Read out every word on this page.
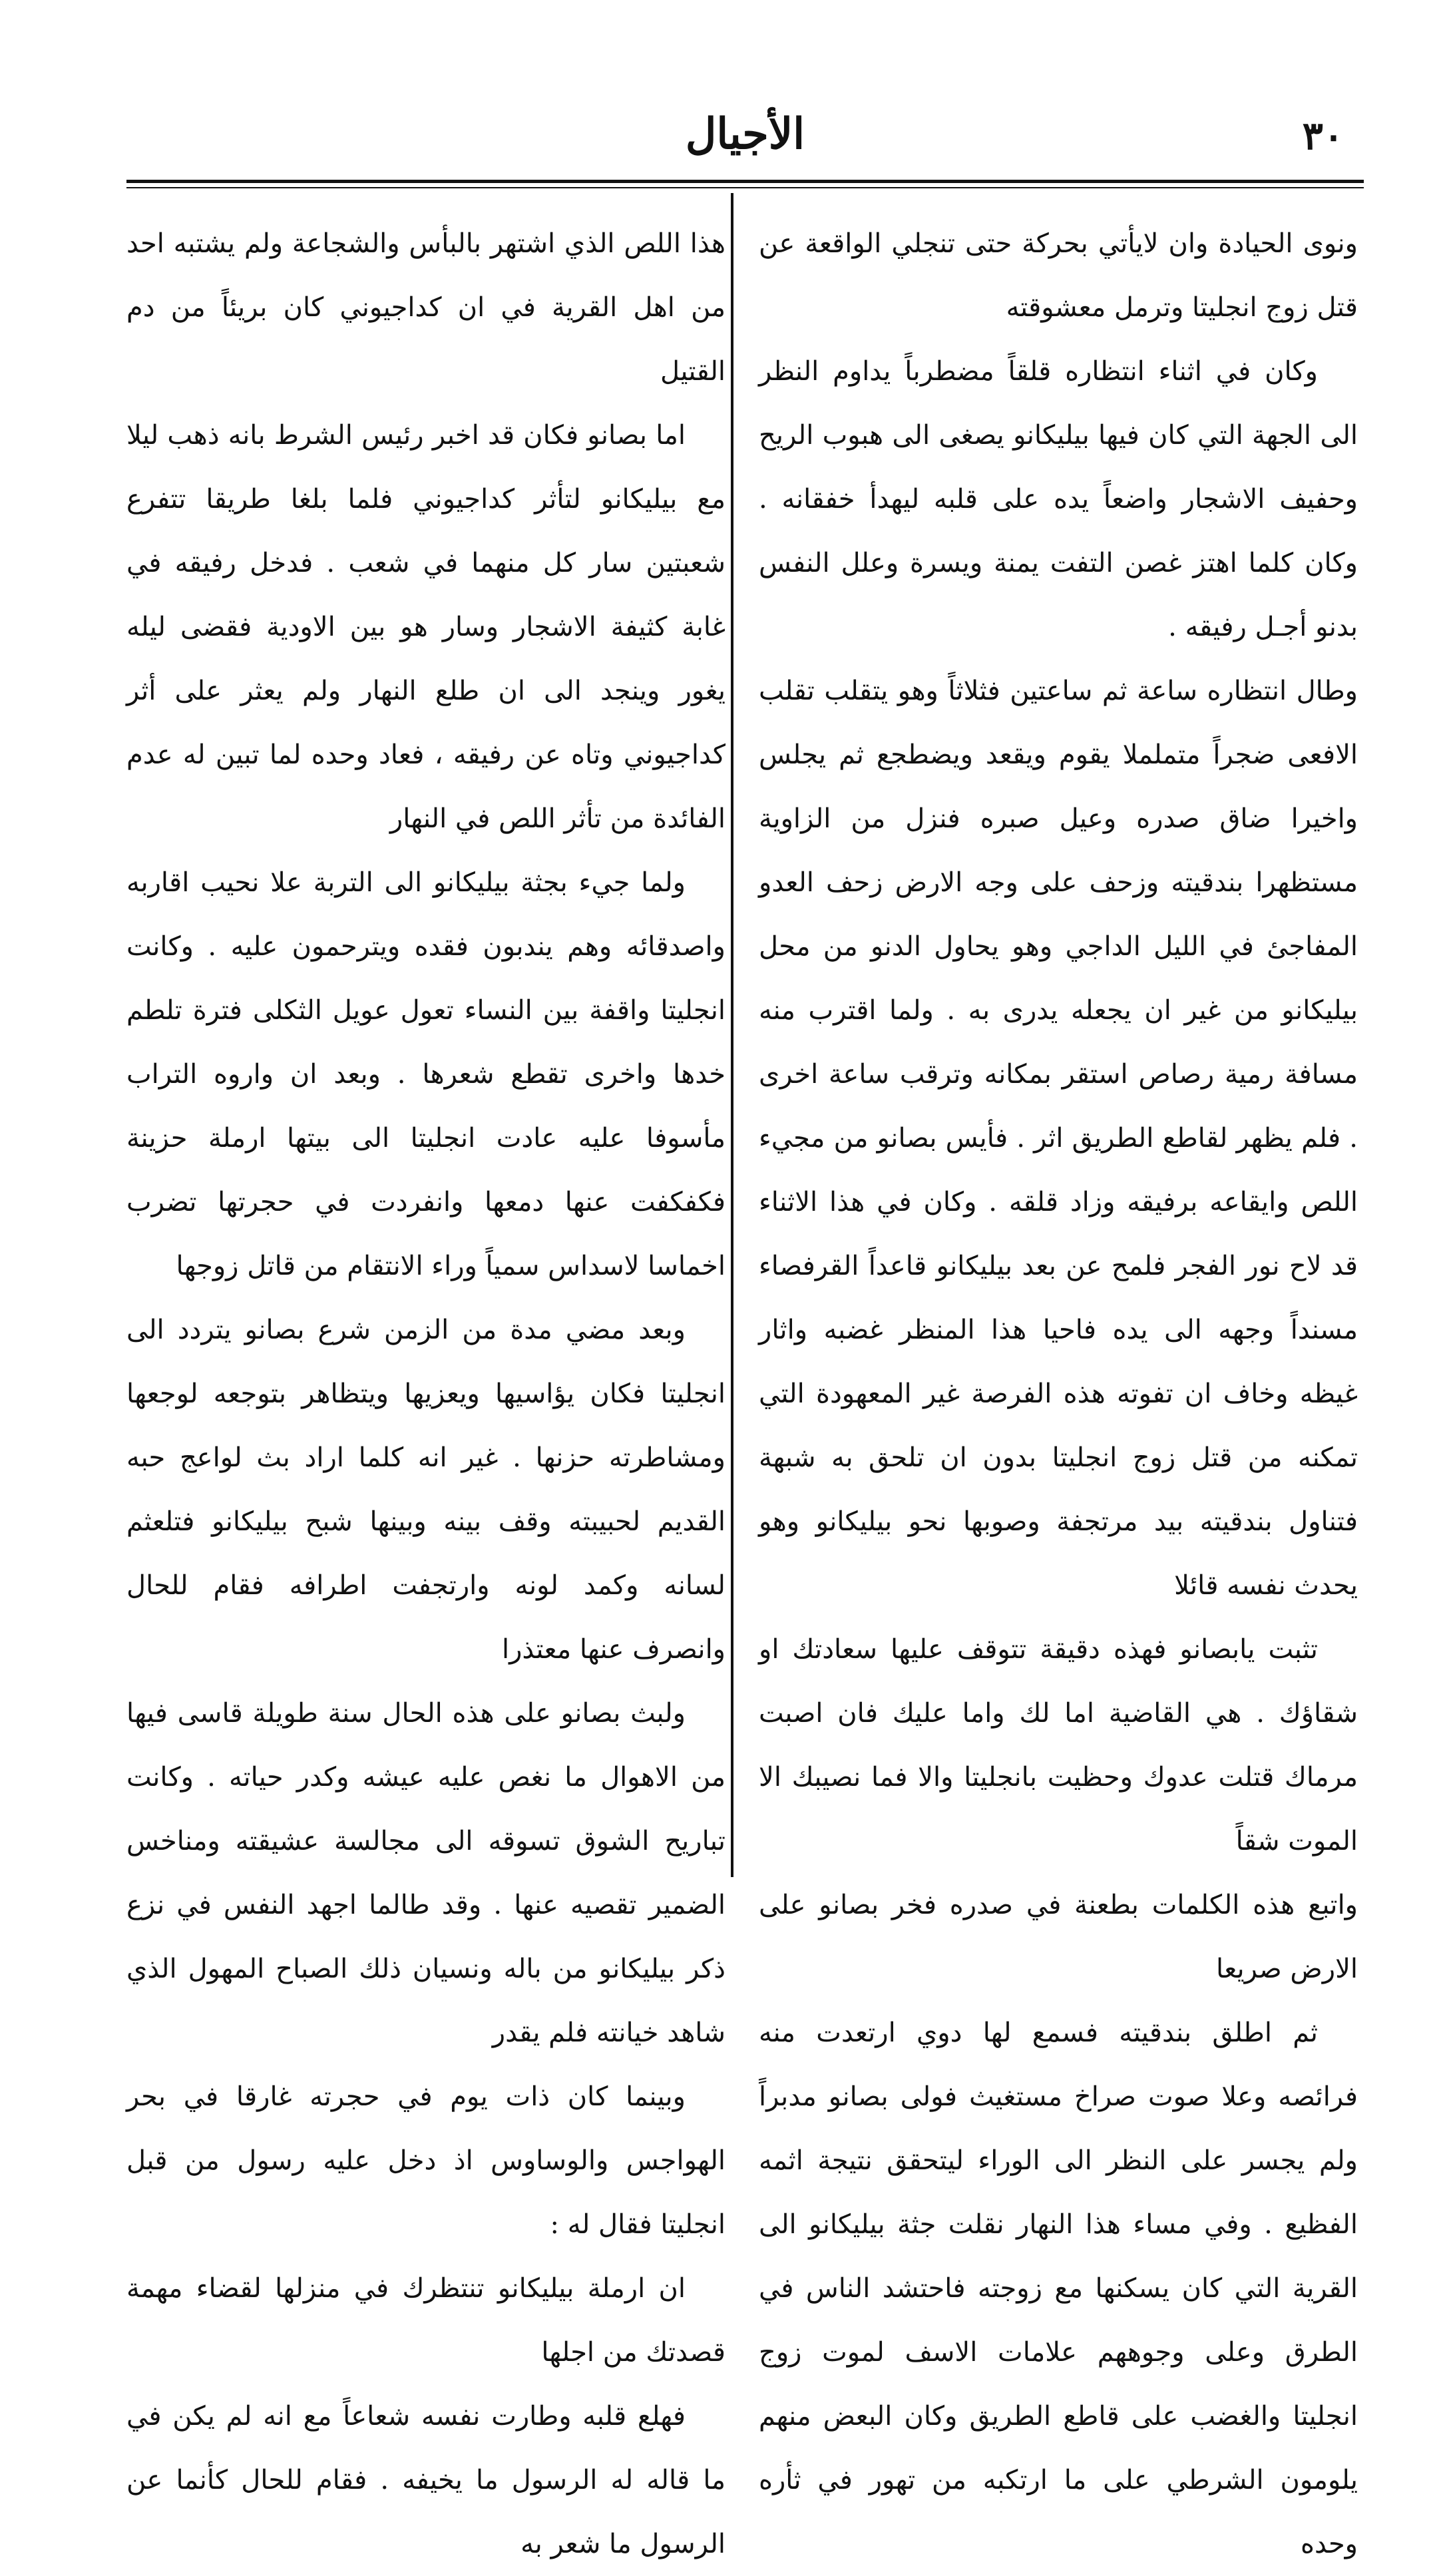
٣٠
الأجيال

ونوى الحيادة وان لايأتي بحركة حتى تنجلي الواقعة عن قتل زوج انجليتا وترمل معشوقته

وكان في اثناء انتظاره قلقاً مضطرباً يداوم النظر الى الجهة التي كان فيها بيليكانو يصغى الى هبوب الريح وحفيف الاشجار واضعاً يده على قلبه ليهدأ خفقانه . وكان كلما اهتز غصن التفت يمنة ويسرة وعلل النفس بدنو أجـل رفيقه .

وطال انتظاره ساعة ثم ساعتين فثلاثاً وهو يتقلب تقلب الافعى ضجراً متململا يقوم ويقعد ويضطجع ثم يجلس واخيرا ضاق صدره وعيل صبره فنزل من الزاوية مستظهرا بندقيته وزحف على وجه الارض زحف العدو المفاجئ في الليل الداجي وهو يحاول الدنو من محل بيليكانو من غير ان يجعله يدرى به . ولما اقترب منه مسافة رمية رصاص استقر بمكانه وترقب ساعة اخرى . فلم يظهر لقاطع الطريق اثر . فأيس بصانو من مجيء اللص وايقاعه برفيقه وزاد قلقه . وكان في هذا الاثناء قد لاح نور الفجر فلمح عن بعد بيليكانو قاعداً القرفصاء مسنداً وجهه الى يده فاحيا هذا المنظر غضبه واثار غيظه وخاف ان تفوته هذه الفرصة غير المعهودة التي تمكنه من قتل زوج انجليتا بدون ان تلحق به شبهة فتناول بندقيته بيد مرتجفة وصوبها نحو بيليكانو وهو يحدث نفسه قائلا

تثبت يابصانو فهذه دقيقة تتوقف عليها سعادتك او شقاؤك . هي القاضية اما لك واما عليك فان اصبت مرماك قتلت عدوك وحظيت بانجليتا والا فما نصيبك الا الموت شقاً

واتبع هذه الكلمات بطعنة في صدره فخر بصانو على الارض صريعا

ثم اطلق بندقيته فسمع لها دوي ارتعدت منه فرائصه وعلا صوت صراخ مستغيث فولى بصانو مدبراً ولم يجسر على النظر الى الوراء ليتحقق نتيجة اثمه الفظيع . وفي مساء هذا النهار نقلت جثة بيليكانو الى القرية التي كان يسكنها مع زوجته فاحتشد الناس في الطرق وعلى وجوههم علامات الاسف لموت زوج انجليتا والغضب على قاطع الطريق وكان البعض منهم يلومون الشرطي على ما ارتكبه من تهور في ثأره وحده

هذا اللص الذي اشتهر بالبأس والشجاعة ولم يشتبه احد من اهل القرية في ان كداجيوني كان بريئاً من دم القتيل

اما بصانو فكان قد اخبر رئيس الشرط بانه ذهب ليلا مع بيليكانو لتأثر كداجيوني فلما بلغا طريقا تتفرع شعبتين سار كل منهما في شعب . فدخل رفيقه في غابة كثيفة الاشجار وسار هو بين الاودية فقضى ليله يغور وينجد الى ان طلع النهار ولم يعثر على أثر كداجيوني وتاه عن رفيقه ، فعاد وحده لما تبين له عدم الفائدة من تأثر اللص في النهار

ولما جيء بجثة بيليكانو الى التربة علا نحيب اقاربه واصدقائه وهم يندبون فقده ويترحمون عليه . وكانت انجليتا واقفة بين النساء تعول عويل الثكلى فترة تلطم خدها واخرى تقطع شعرها . وبعد ان واروه التراب مأسوفا عليه عادت انجليتا الى بيتها ارملة حزينة فكفكفت عنها دمعها وانفردت في حجرتها تضرب اخماسا لاسداس سمياً وراء الانتقام من قاتل زوجها

وبعد مضي مدة من الزمن شرع بصانو يتردد الى انجليتا فكان يؤاسيها ويعزيها ويتظاهر بتوجعه لوجعها ومشاطرته حزنها . غير انه كلما اراد بث لواعج حبه القديم لحبيبته وقف بينه وبينها شبح بيليكانو فتلعثم لسانه وكمد لونه وارتجفت اطرافه فقام للحال وانصرف عنها معتذرا

ولبث بصانو على هذه الحال سنة طويلة قاسى فيها من الاهوال ما نغص عليه عيشه وكدر حياته . وكانت تباريح الشوق تسوقه الى مجالسة عشيقته ومناخس الضمير تقصيه عنها . وقد طالما اجهد النفس في نزع ذكر بيليكانو من باله ونسيان ذلك الصباح المهول الذي شاهد خيانته فلم يقدر

وبينما كان ذات يوم في حجرته غارقا في بحر الهواجس والوساوس اذ دخل عليه رسول من قبل انجليتا فقال له :

ان ارملة بيليكانو تنتظرك في منزلها لقضاء مهمة قصدتك من اجلها

فهلع قلبه وطارت نفسه شعاعاً مع انه لم يكن في ما قاله له الرسول ما يخيفه . فقام للحال كأنما عن الرسول ما شعر به
